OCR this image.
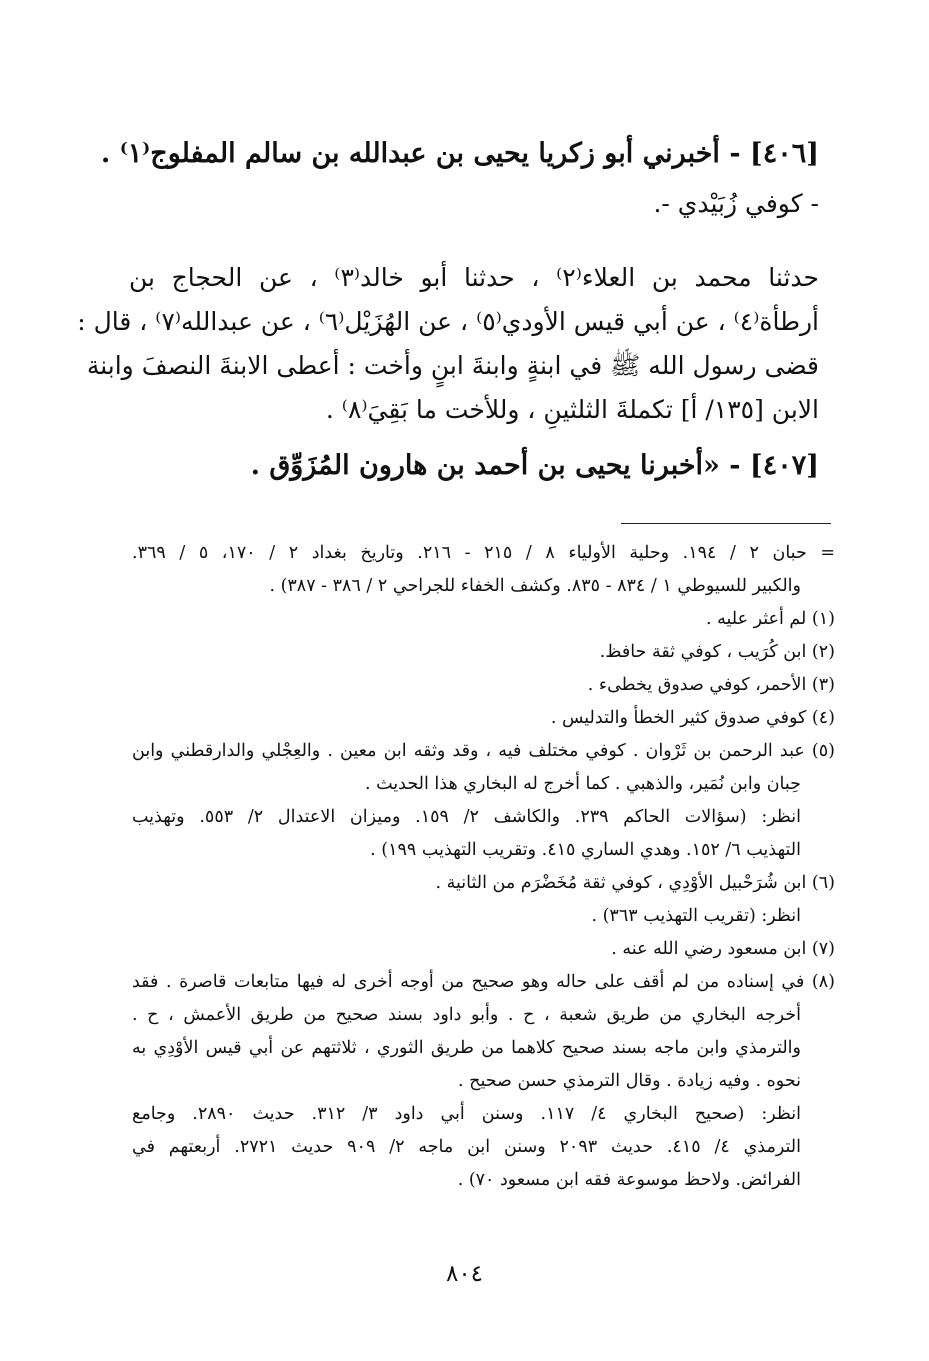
[٤٠٦] - أخبرني أبو زكريا يحيى بن عبدالله بن سالم المفلوج⁽١⁾ .
- كوفي زُبَيْدي -.
حدثنا محمد بن العلاء⁽٢⁾ ، حدثنا أبو خالد⁽٣⁾ ، عن الحجاج بن
أرطأة⁽٤⁾ ، عن أبي قيس الأودي⁽٥⁾ ، عن الهُزَيْل⁽٦⁾ ، عن عبدالله⁽٧⁾ ، قال :
قضى رسول الله ﷺ في ابنةٍ وابنةَ ابنٍ وأخت : أعطى الابنةَ النصفَ وابنة
الابن [١٣٥/ أ] تكملةَ الثلثينِ ، وللأخت ما بَقِيَ⁽٨⁾ .
[٤٠٧] - «أخبرنا يحيى بن أحمد بن هارون المُزَوِّق .
= حبان ٢ / ١٩٤. وحلية الأولياء ٨ / ٢١٥ - ٢١٦. وتاريخ بغداد ٢ / ١٧٠، ٥ / ٣٦٩.
والكبير للسيوطي ١ / ٨٣٤ - ٨٣٥. وكشف الخفاء للجراحي ٢ / ٣٨٦ - ٣٨٧) .
(١) لم أعثر عليه .
(٢) ابن كُرَيب ، كوفي ثقة حافظ.
(٣) الأحمر، كوفي صدوق يخطىء .
(٤) كوفي صدوق كثير الخطأ والتدليس .
(٥) عبد الرحمن بن ثَرْوان . كوفي مختلف فيه ، وقد وثقه ابن معين . والعِجْلي والدارقطني وابن
حِبان وابن نُمَير، والذهبي . كما أخرج له البخاري هذا الحديث .
انظر: (سؤالات الحاكم ٢٣٩. والكاشف ٢/ ١٥٩. وميزان الاعتدال ٢/ ٥٥٣. وتهذيب
التهذيب ٦/ ١٥٢. وهدي الساري ٤١٥. وتقريب التهذيب ١٩٩) .
(٦) ابن شُرَحْبيل الأوْدِي ، كوفي ثقة مُخَضْرَم من الثانية .
انظر: (تقريب التهذيب ٣٦٣) .
(٧) ابن مسعود رضي الله عنه .
(٨) في إسناده من لم أقف على حاله وهو صحيح من أوجه أخرى له فيها متابعات قاصرة . فقد
أخرجه البخاري من طريق شعبة ، ح . وأبو داود بسند صحيح من طريق الأعمش ، ح .
والترمذي وابن ماجه بسند صحيح كلاهما من طريق الثوري ، ثلاثتهم عن أبي قيس الأوْدِي به
نحوه . وفيه زيادة . وقال الترمذي حسن صحيح .
انظر: (صحيح البخاري ٤/ ١١٧. وسنن أبي داود ٣/ ٣١٢. حديث ٢٨٩٠. وجامع
الترمذي ٤/ ٤١٥. حديث ٢٠٩٣ وسنن ابن ماجه ٢/ ٩٠٩ حديث ٢٧٢١. أربعتهم في
الفرائض. ولاحظ موسوعة فقه ابن مسعود ٧٠) .
٨٠٤
